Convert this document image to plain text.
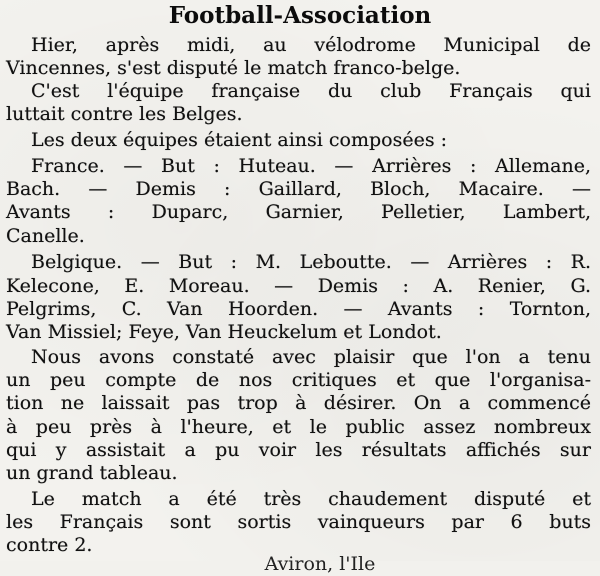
Football-Association
Hier, après midi, au vélodrome Municipal de
Vincennes, s'est disputé le match franco-belge.
C'est l'équipe française du club Français qui
luttait contre les Belges.
Les deux équipes étaient ainsi composées :
France. — But : Huteau. — Arrières : Allemane,
Bach. — Demis : Gaillard, Bloch, Macaire. —
Avants : Duparc, Garnier, Pelletier, Lambert,
Canelle.
Belgique. — But : M. Leboutte. — Arrières : R.
Kelecone, E. Moreau. — Demis : A. Renier, G.
Pelgrims, C. Van Hoorden. — Avants : Tornton,
Van Missiel; Feye, Van Heuckelum et Londot.
Nous avons constaté avec plaisir que l'on a tenu
un peu compte de nos critiques et que l'organisa-
tion ne laissait pas trop à désirer. On a commencé
à peu près à l'heure, et le public assez nombreux
qui y assistait a pu voir les résultats affichés sur
un grand tableau.
Le match a été très chaudement disputé et
les Français sont sortis vainqueurs par 6 buts
contre 2.
Aviron, l'Ile
